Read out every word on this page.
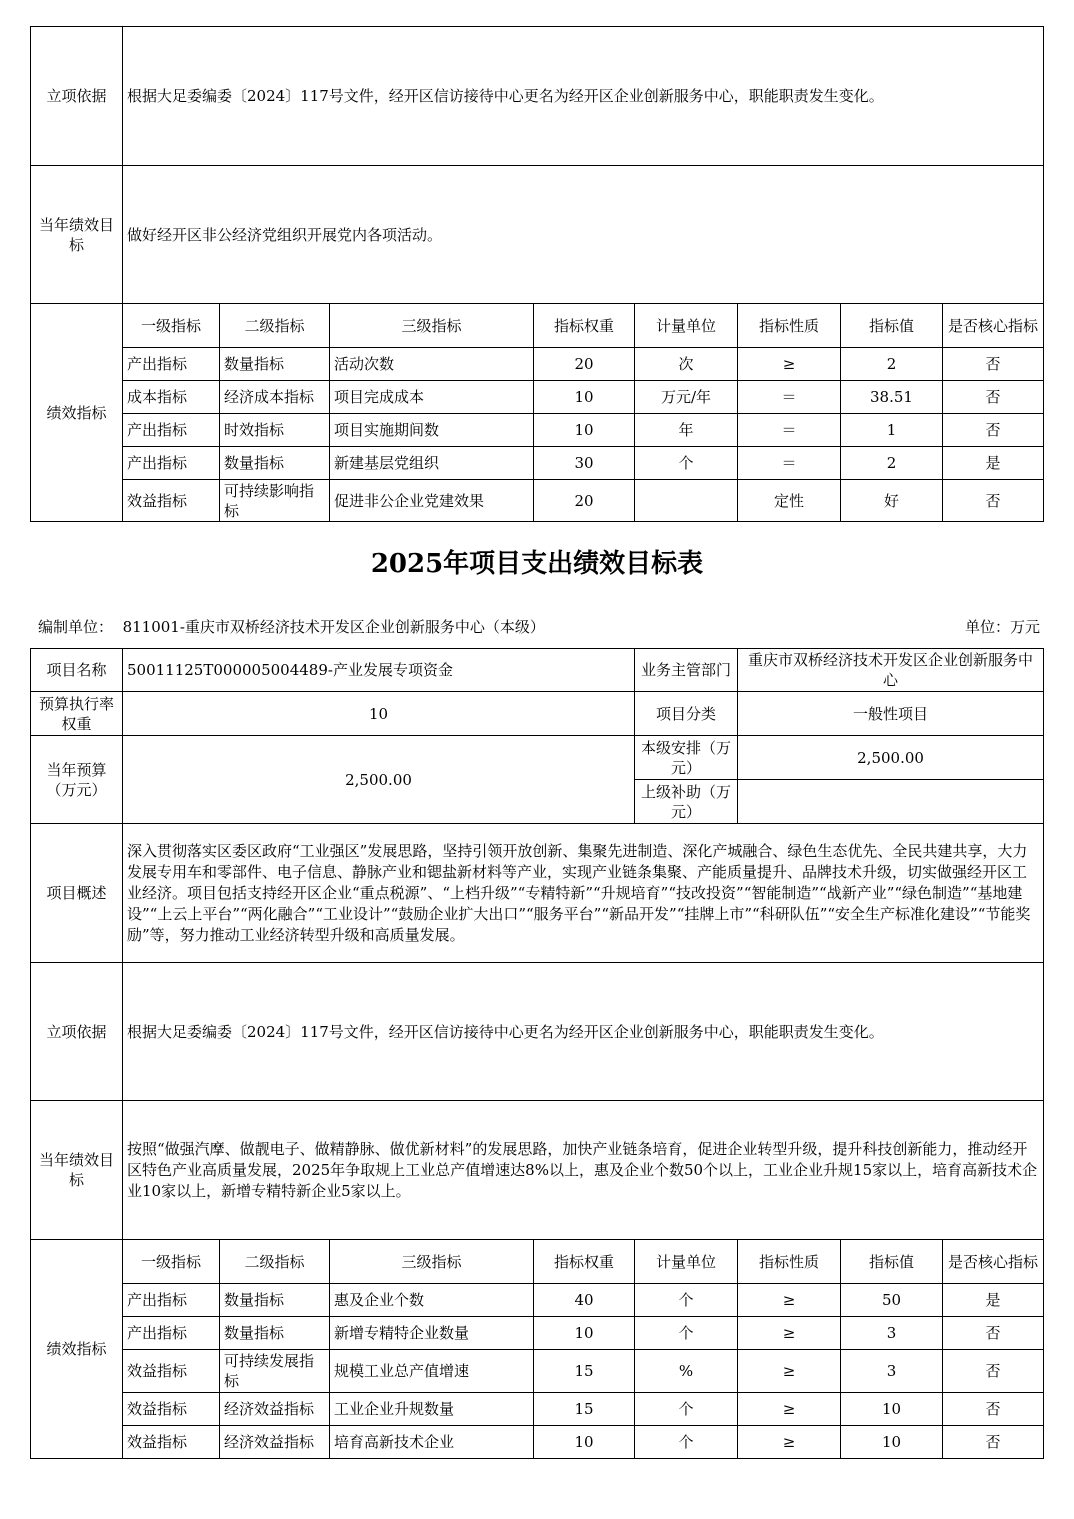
立项依据	根据大足委编委〔2024〕117号文件，经开区信访接待中心更名为经开区企业创新服务中心，职能职责发生变化。							
当年绩效目标	做好经开区非公经济党组织开展党内各项活动。							
绩效指标	一级指标	二级指标	三级指标	指标权重	计量单位	指标性质	指标值	是否核心指标
	产出指标	数量指标	活动次数	20	次	≥	2	否
	成本指标	经济成本指标	项目完成成本	10	万元/年	＝	38.51	否
	产出指标	时效指标	项目实施期间数	10	年	＝	1	否
	产出指标	数量指标	新建基层党组织	30	个	＝	2	是
	效益指标	可持续影响指标	促进非公企业党建效果	20		定性	好	否
2025年项目支出绩效目标表
编制单位： 811001-重庆市双桥经济技术开发区企业创新服务中心（本级）	单位：万元
项目名称	50011125T000005004489-产业发展专项资金				业务主管部门	重庆市双桥经济技术开发区企业创新服务中心		
预算执行率权重	10				项目分类	一般性项目		
当年预算（万元）	2,500.00				本级安排（万元）	2,500.00		
					上级补助（万元）			
项目概述	深入贯彻落实区委区政府“工业强区”发展思路，坚持引领开放创新、集聚先进制造、深化产城融合、绿色生态优先、全民共建共享，大力发展专用车和零部件、电子信息、静脉产业和锶盐新材料等产业，实现产业链条集聚、产能质量提升、品牌技术升级，切实做强经开区工业经济。项目包括支持经开区企业“重点税源”、“上档升级”“专精特新”“升规培育”“技改投资”“智能制造”“战新产业”“绿色制造”“基地建设”“上云上平台”“两化融合”“工业设计”“鼓励企业扩大出口”“服务平台”“新品开发”“挂牌上市”“科研队伍”“安全生产标准化建设”“节能奖励”等，努力推动工业经济转型升级和高质量发展。							
立项依据	根据大足委编委〔2024〕117号文件，经开区信访接待中心更名为经开区企业创新服务中心，职能职责发生变化。							
当年绩效目标	按照“做强汽摩、做靓电子、做精静脉、做优新材料”的发展思路，加快产业链条培育，促进企业转型升级，提升科技创新能力，推动经开区特色产业高质量发展，2025年争取规上工业总产值增速达8%以上，惠及企业个数50个以上，工业企业升规15家以上，培育高新技术企业10家以上，新增专精特新企业5家以上。							
绩效指标	一级指标	二级指标	三级指标	指标权重	计量单位	指标性质	指标值	是否核心指标
	产出指标	数量指标	惠及企业个数	40	个	≥	50	是
	产出指标	数量指标	新增专精特企业数量	10	个	≥	3	否
	效益指标	可持续发展指标	规模工业总产值增速	15	%	≥	3	否
	效益指标	经济效益指标	工业企业升规数量	15	个	≥	10	否
	效益指标	经济效益指标	培育高新技术企业	10	个	≥	10	否
